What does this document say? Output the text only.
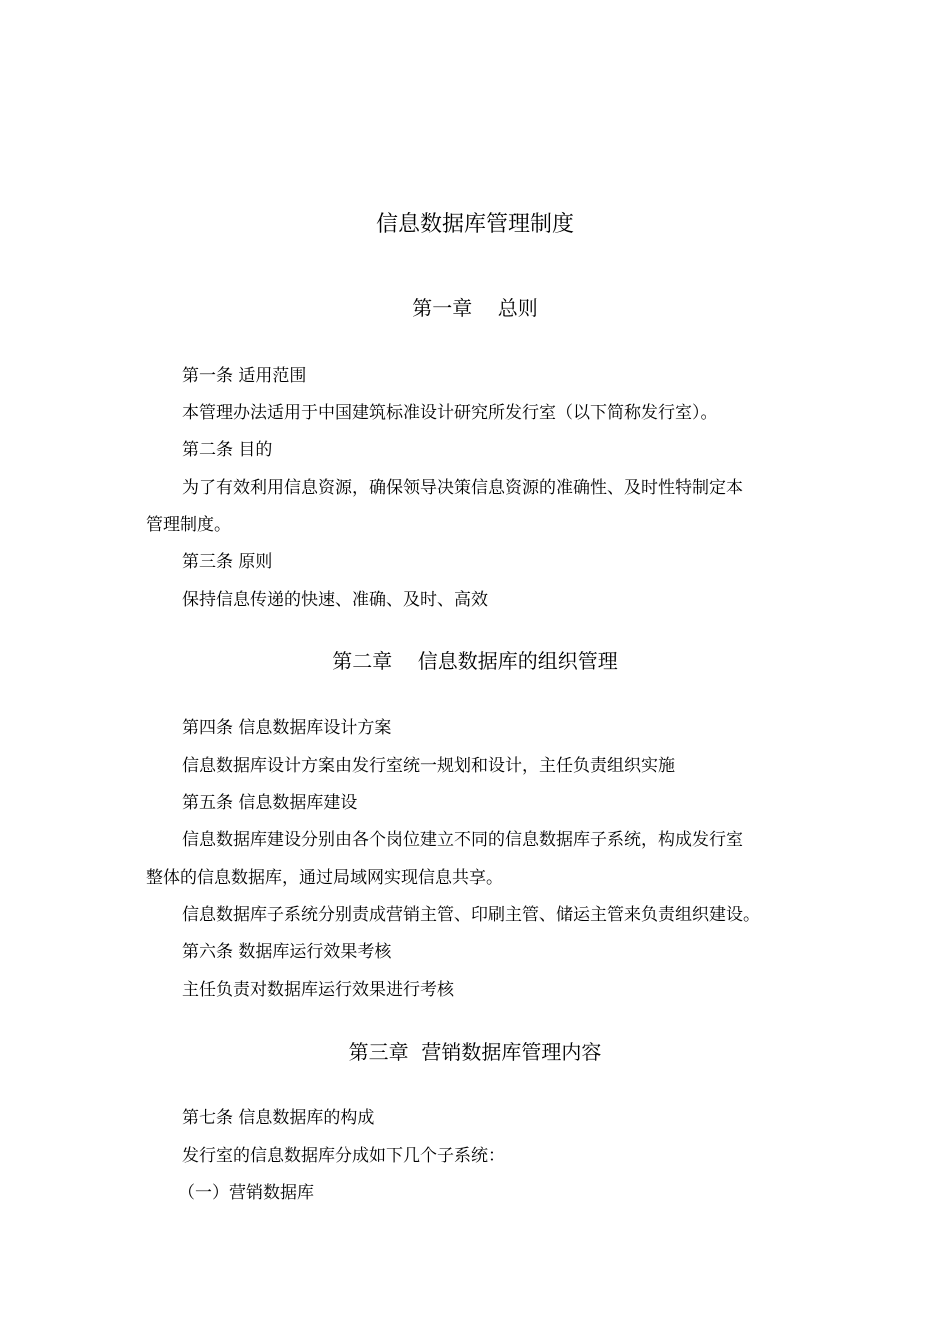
信息数据库管理制度
第一章    总则
第一条 适用范围
本管理办法适用于中国建筑标准设计研究所发行室（以下简称发行室）。
第二条 目的
为了有效利用信息资源，确保领导决策信息资源的准确性、及时性特制定本
管理制度。
第三条 原则
保持信息传递的快速、准确、及时、高效
第二章    信息数据库的组织管理
第四条 信息数据库设计方案
信息数据库设计方案由发行室统一规划和设计，主任负责组织实施
第五条 信息数据库建设
信息数据库建设分别由各个岗位建立不同的信息数据库子系统，构成发行室
整体的信息数据库，通过局域网实现信息共享。
信息数据库子系统分别责成营销主管、印刷主管、储运主管来负责组织建设。
第六条 数据库运行效果考核
主任负责对数据库运行效果进行考核
第三章  营销数据库管理内容
第七条 信息数据库的构成
发行室的信息数据库分成如下几个子系统：
（一）营销数据库
